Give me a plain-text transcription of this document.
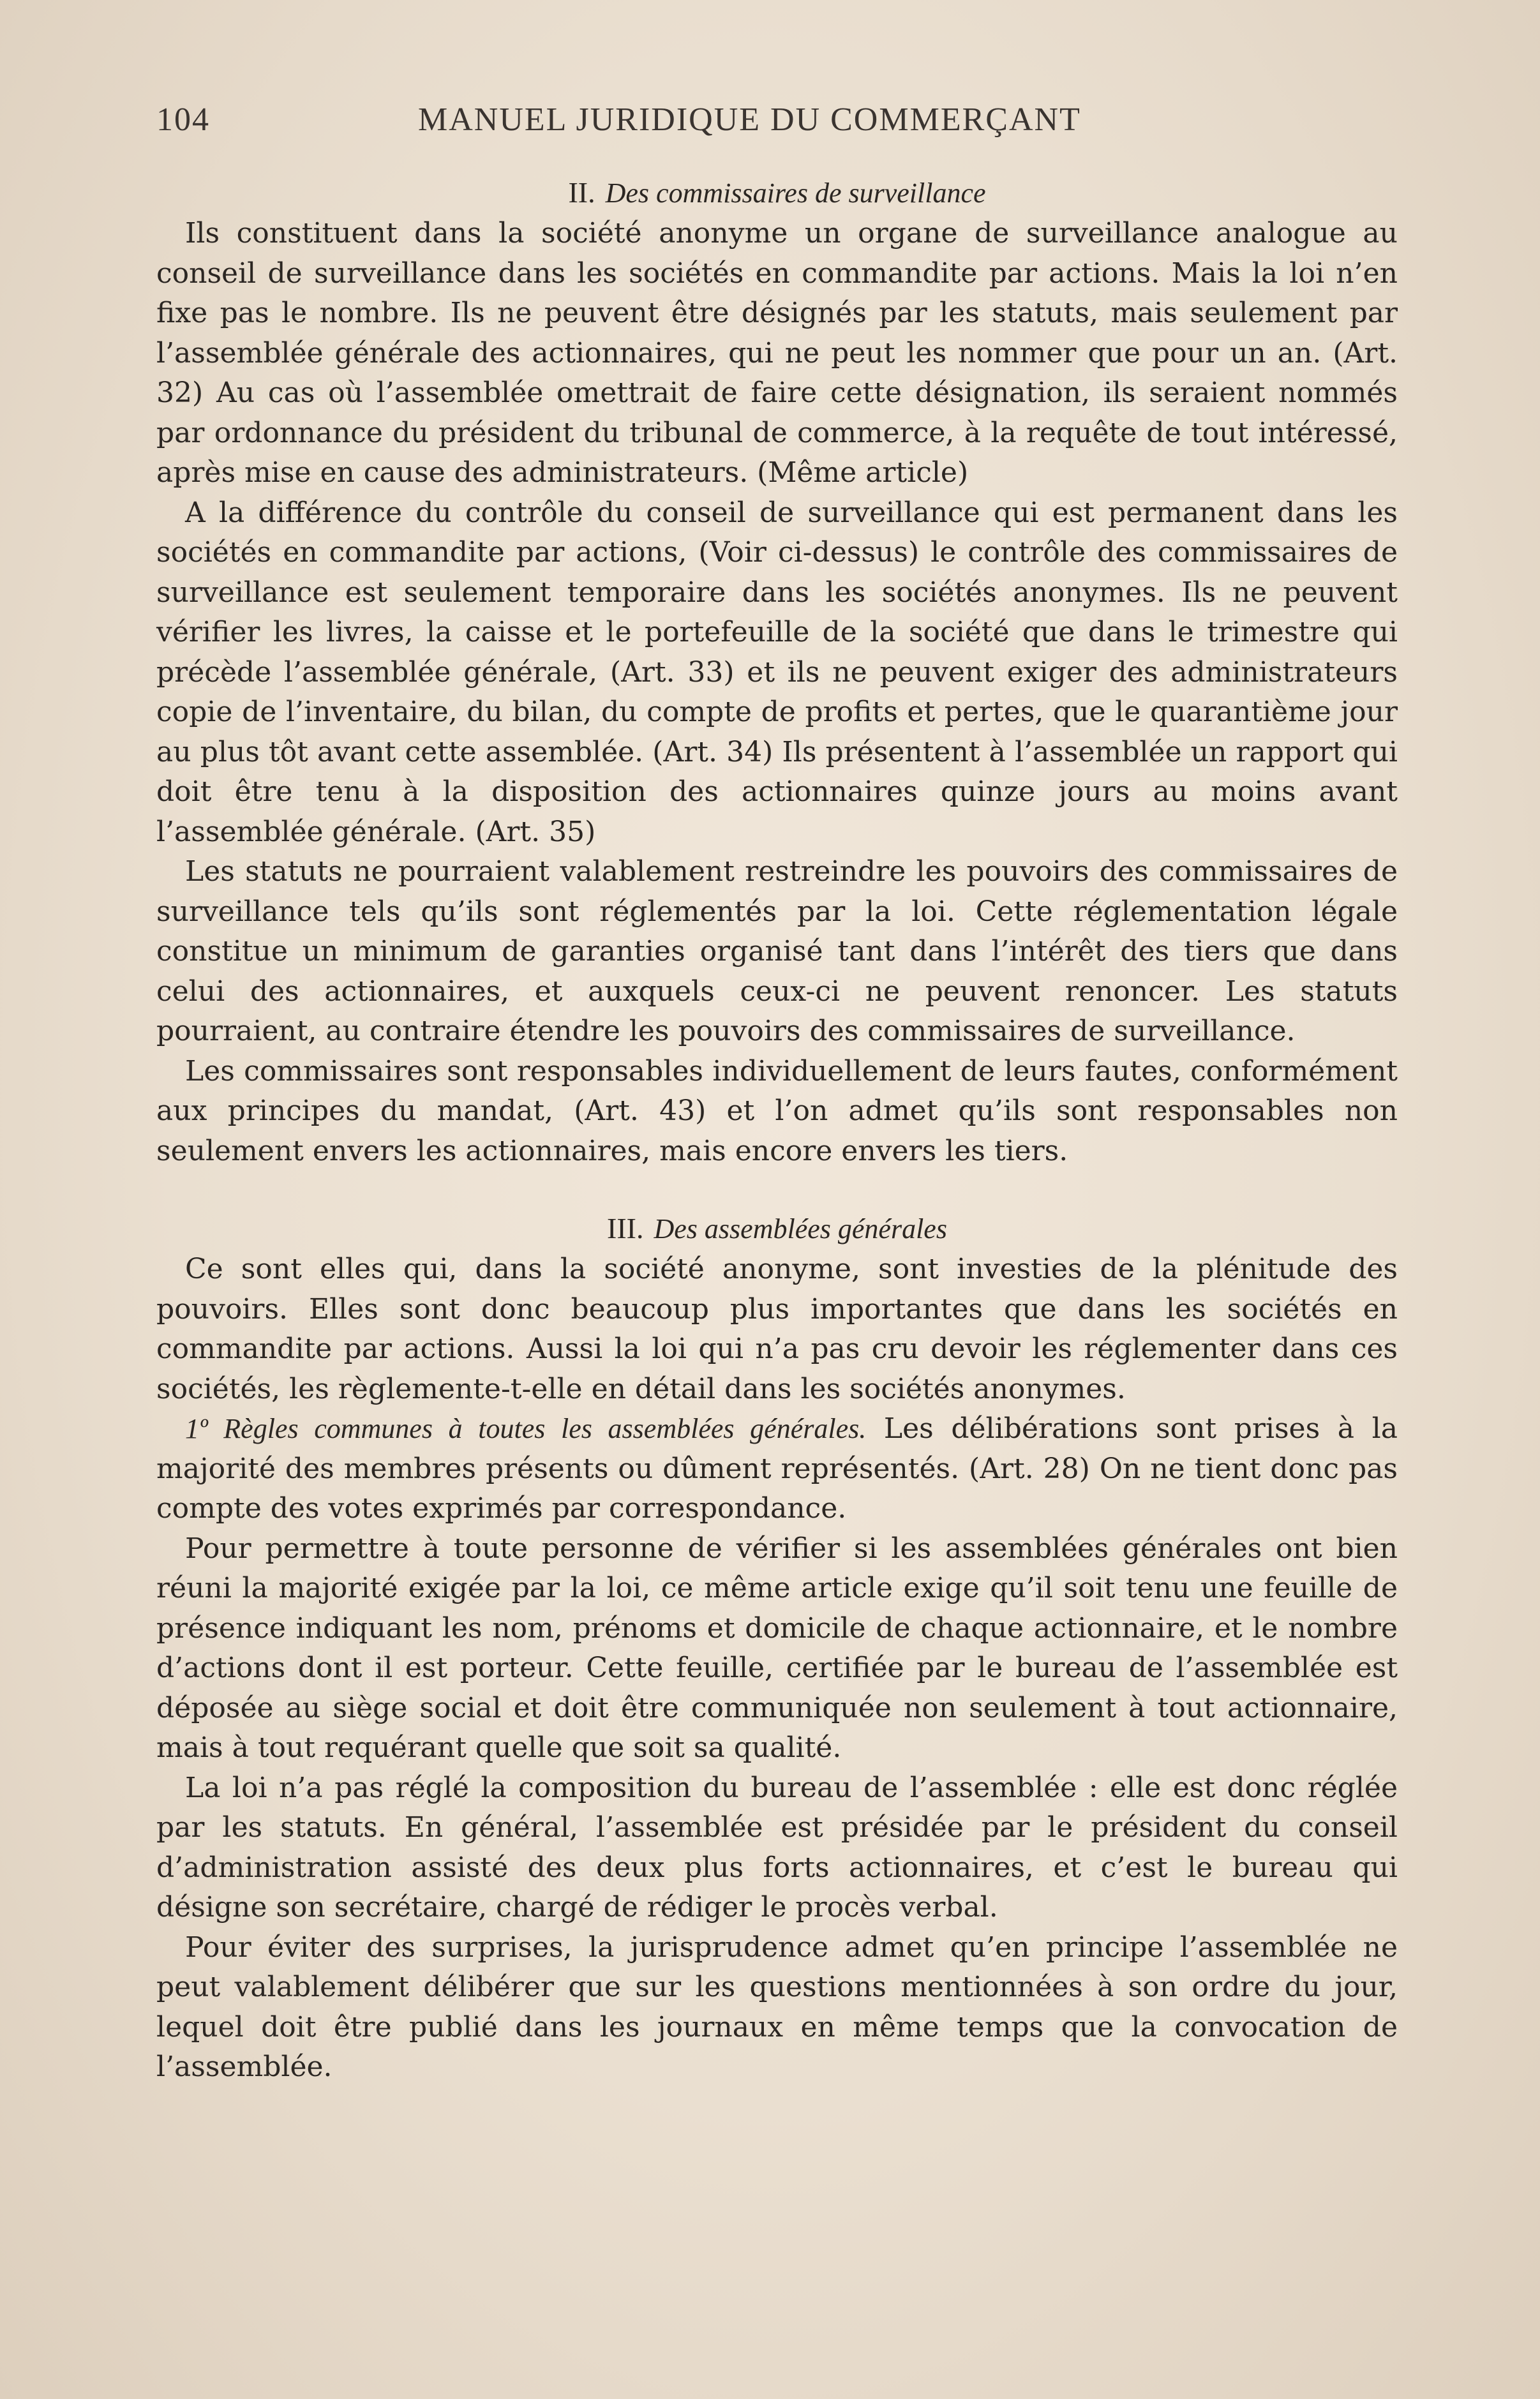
104	MANUEL JURIDIQUE DU COMMERÇANT
II. Des commissaires de surveillance

Ils constituent dans la société anonyme un organe de surveillance analogue au conseil de surveillance dans les sociétés en commandite par actions. Mais la loi n’en fixe pas le nombre. Ils ne peuvent être désignés par les statuts, mais seulement par l’assemblée générale des actionnaires, qui ne peut les nommer que pour un an. (Art. 32) Au cas où l’assemblée omettrait de faire cette désignation, ils seraient nommés par ordonnance du président du tribunal de commerce, à la requête de tout intéressé, après mise en cause des administrateurs. (Même article)

A la différence du contrôle du conseil de surveillance qui est permanent dans les sociétés en commandite par actions, (Voir ci-dessus) le contrôle des commissaires de surveillance est seulement temporaire dans les sociétés anonymes. Ils ne peuvent vérifier les livres, la caisse et le portefeuille de la société que dans le trimestre qui précède l’assemblée générale, (Art. 33) et ils ne peuvent exiger des administrateurs copie de l’inventaire, du bilan, du compte de profits et pertes, que le quarantième jour au plus tôt avant cette assemblée. (Art. 34) Ils présentent à l’assemblée un rapport qui doit être tenu à la disposition des actionnaires quinze jours au moins avant l’assemblée générale. (Art. 35)

Les statuts ne pourraient valablement restreindre les pouvoirs des commissaires de surveillance tels qu’ils sont réglementés par la loi. Cette réglementation légale constitue un minimum de garanties organisé tant dans l’intérêt des tiers que dans celui des actionnaires, et auxquels ceux-ci ne peuvent renoncer. Les statuts pourraient, au contraire étendre les pouvoirs des commissaires de surveillance.

Les commissaires sont responsables individuellement de leurs fautes, conformément aux principes du mandat, (Art. 43) et l’on admet qu’ils sont responsables non seulement envers les actionnaires, mais encore envers les tiers.

III. Des assemblées générales

Ce sont elles qui, dans la société anonyme, sont investies de la plénitude des pouvoirs. Elles sont donc beaucoup plus importantes que dans les sociétés en commandite par actions. Aussi la loi qui n’a pas cru devoir les réglementer dans ces sociétés, les règlemente-t-elle en détail dans les sociétés anonymes.

1º Règles communes à toutes les assemblées générales. Les délibérations sont prises à la majorité des membres présents ou dûment représentés. (Art. 28) On ne tient donc pas compte des votes exprimés par correspondance.

Pour permettre à toute personne de vérifier si les assemblées générales ont bien réuni la majorité exigée par la loi, ce même article exige qu’il soit tenu une feuille de présence indiquant les nom, prénoms et domicile de chaque actionnaire, et le nombre d’actions dont il est porteur. Cette feuille, certifiée par le bureau de l’assemblée est déposée au siège social et doit être communiquée non seulement à tout actionnaire, mais à tout requérant quelle que soit sa qualité.

La loi n’a pas réglé la composition du bureau de l’assemblée : elle est donc réglée par les statuts. En général, l’assemblée est présidée par le président du conseil d’administration assisté des deux plus forts actionnaires, et c’est le bureau qui désigne son secrétaire, chargé de rédiger le procès verbal.

Pour éviter des surprises, la jurisprudence admet qu’en principe l’assemblée ne peut valablement délibérer que sur les questions mentionnées à son ordre du jour, lequel doit être publié dans les journaux en même temps que la convocation de l’assemblée.
